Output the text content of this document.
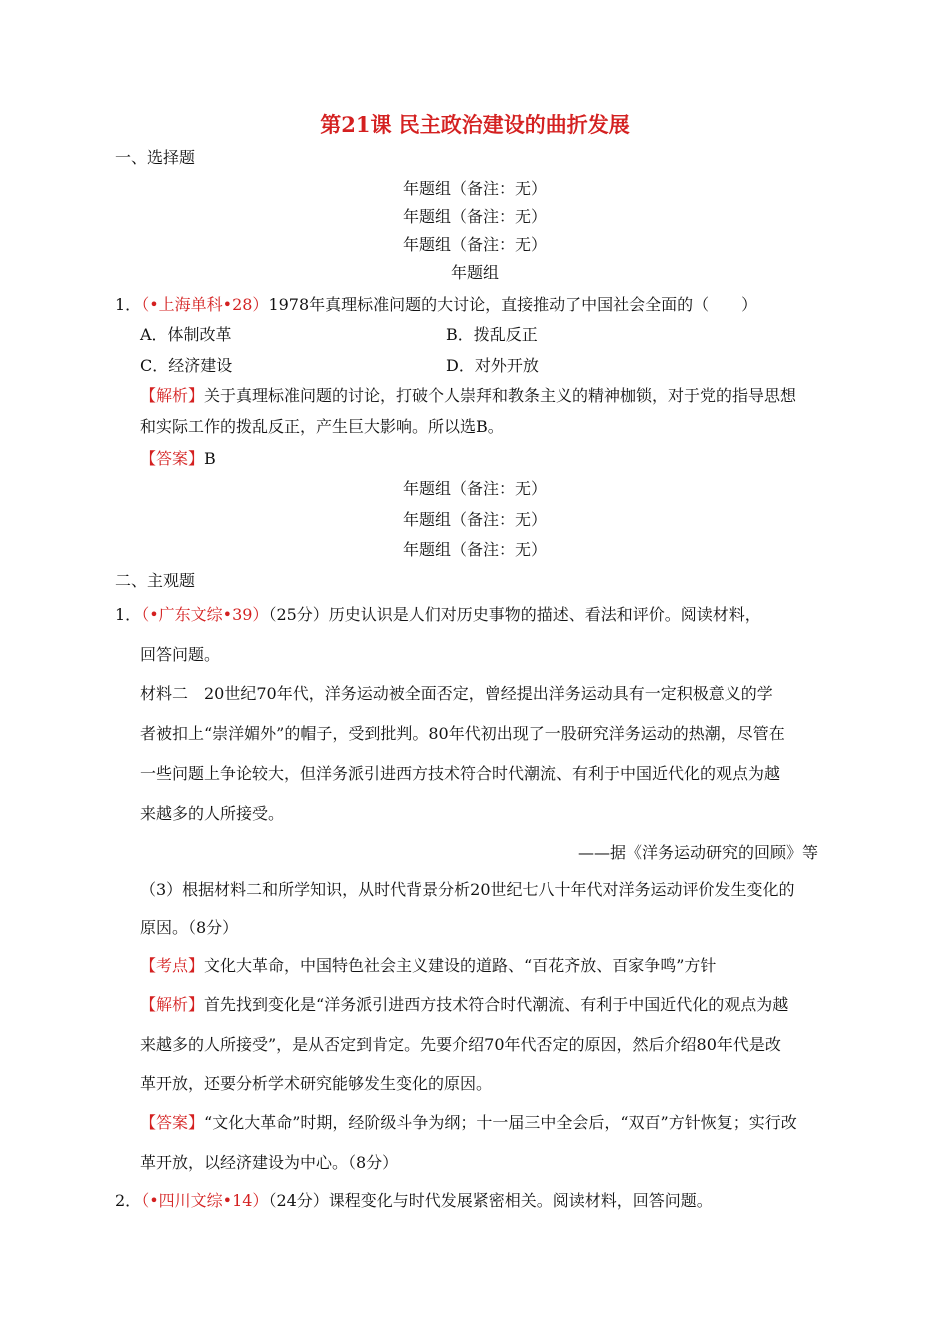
第21课 民主政治建设的曲折发展
一、选择题
年题组（备注：无）
年题组（备注：无）
年题组（备注：无）
年题组
1．（•上海单科•28）1978年真理标准问题的大讨论，直接推动了中国社会全面的（　　）
A．体制改革	B．拨乱反正
C．经济建设	D．对外开放
【解析】关于真理标准问题的讨论，打破个人崇拜和教条主义的精神枷锁，对于党的指导思想
和实际工作的拨乱反正，产生巨大影响。所以选B。
【答案】B
年题组（备注：无）
年题组（备注：无）
年题组（备注：无）
二、主观题
1．（•广东文综•39）（25分）历史认识是人们对历史事物的描述、看法和评价。阅读材料，
回答问题。
材料二　20世纪70年代，洋务运动被全面否定，曾经提出洋务运动具有一定积极意义的学
者被扣上“崇洋媚外”的帽子，受到批判。80年代初出现了一股研究洋务运动的热潮，尽管在
一些问题上争论较大，但洋务派引进西方技术符合时代潮流、有利于中国近代化的观点为越
来越多的人所接受。
——据《洋务运动研究的回顾》等
（3）根据材料二和所学知识，从时代背景分析20世纪七八十年代对洋务运动评价发生变化的
原因。（8分）
【考点】文化大革命，中国特色社会主义建设的道路、“百花齐放、百家争鸣”方针
【解析】首先找到变化是“洋务派引进西方技术符合时代潮流、有利于中国近代化的观点为越
来越多的人所接受”，是从否定到肯定。先要介绍70年代否定的原因，然后介绍80年代是改
革开放，还要分析学术研究能够发生变化的原因。
【答案】“文化大革命”时期，经阶级斗争为纲；十一届三中全会后，“双百”方针恢复；实行改
革开放，以经济建设为中心。（8分）
2．（•四川文综•14）（24分）课程变化与时代发展紧密相关。阅读材料，回答问题。
